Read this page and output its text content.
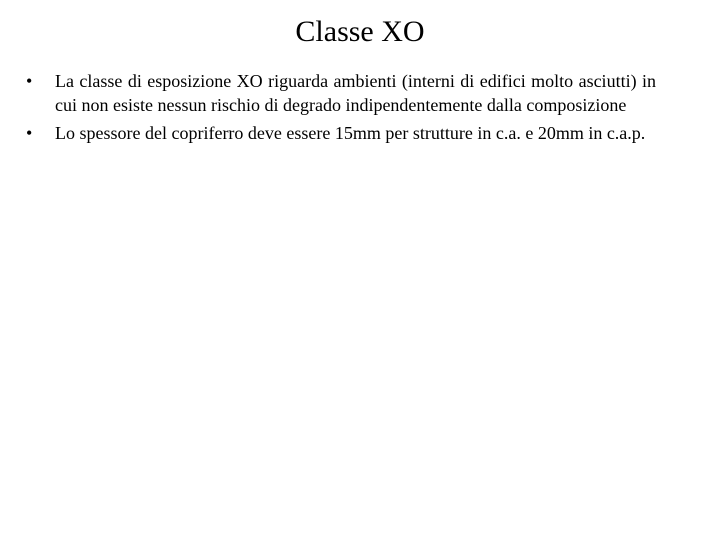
Classe XO
•	La classe di esposizione XO riguarda ambienti (interni di edifici molto asciutti) in cui non esiste nessun rischio di degrado indipendentemente dalla composizione
•	Lo spessore del copriferro deve essere 15mm per strutture in c.a. e 20mm in c.a.p.
